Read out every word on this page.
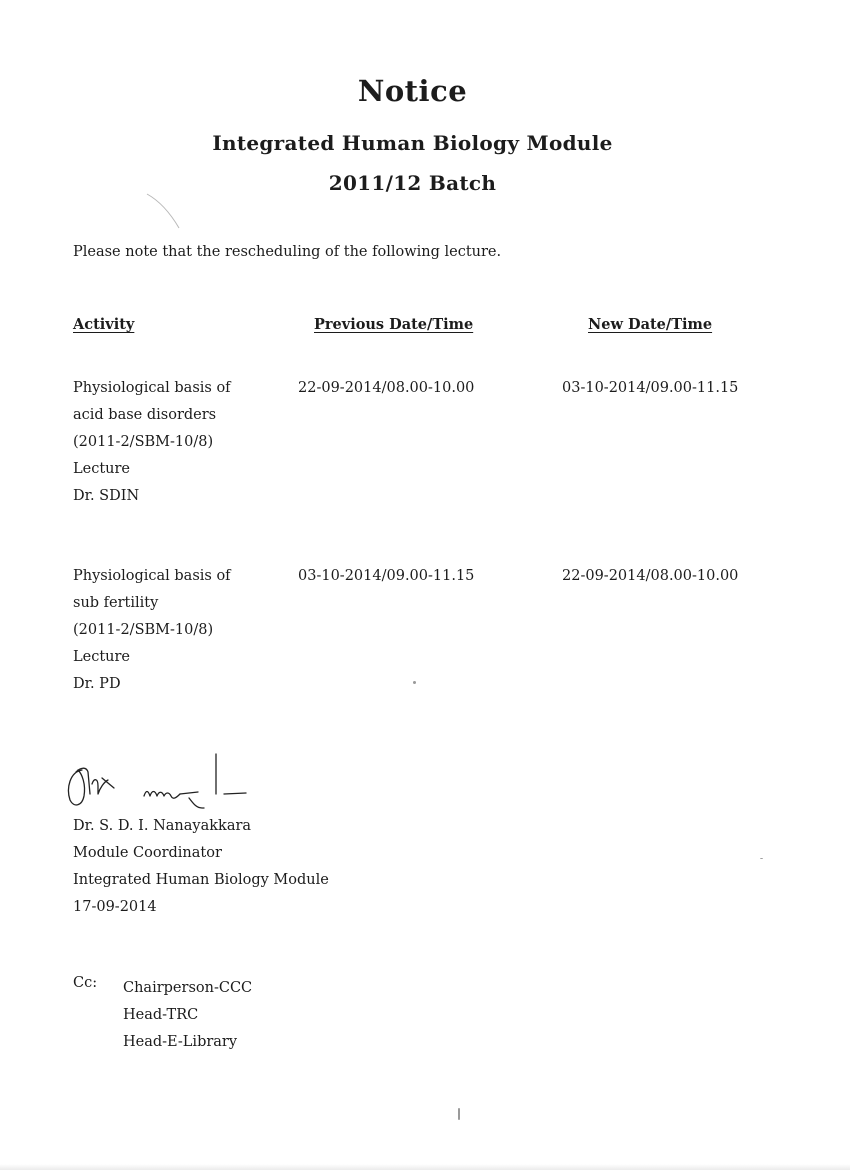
Notice
Integrated Human Biology Module
2011/12 Batch
Please note that the rescheduling of the following lecture.
Activity	Previous Date/Time	New Date/Time
Physiological basis of
acid base disorders
(2011-2/SBM-10/8)
Lecture
Dr. SDIN
22-09-2014/08.00-10.00	03-10-2014/09.00-11.15
Physiological basis of
sub fertility
(2011-2/SBM-10/8)
Lecture
Dr. PD
03-10-2014/09.00-11.15	22-09-2014/08.00-10.00
Dr. S. D. I. Nanayakkara
Module Coordinator
Integrated Human Biology Module
17-09-2014
Cc: Chairperson-CCC
Head-TRC
Head-E-Library
